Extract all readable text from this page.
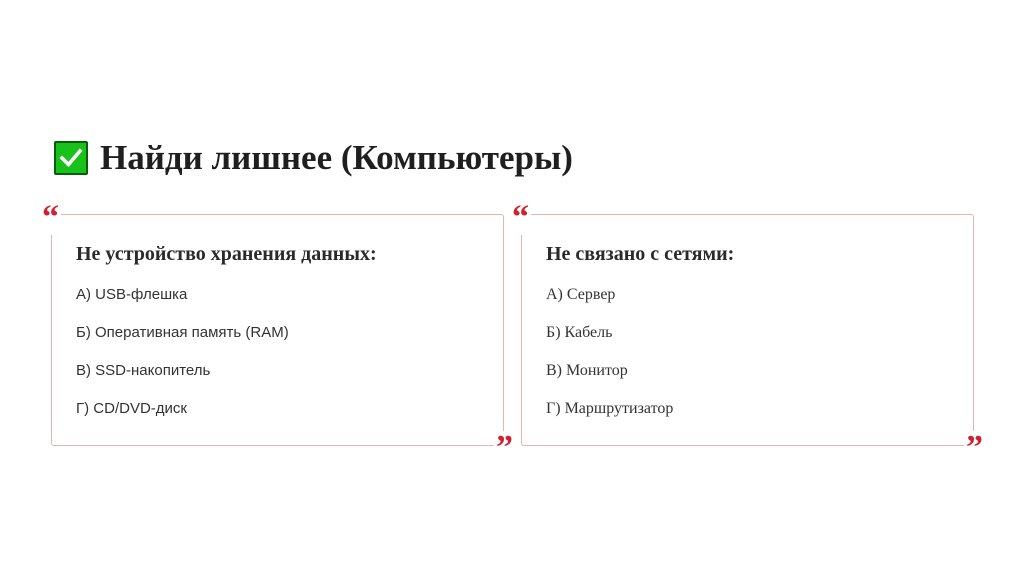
Найди лишнее (Компьютеры)
“
Не устройство хранения данных:
А) USB-флешка
Б) Оперативная память (RAM)
В) SSD-накопитель
Г) CD/DVD-диск
”
“
Не связано с сетями:
А) Сервер
Б) Кабель
В) Монитор
Г) Маршрутизатор
”
